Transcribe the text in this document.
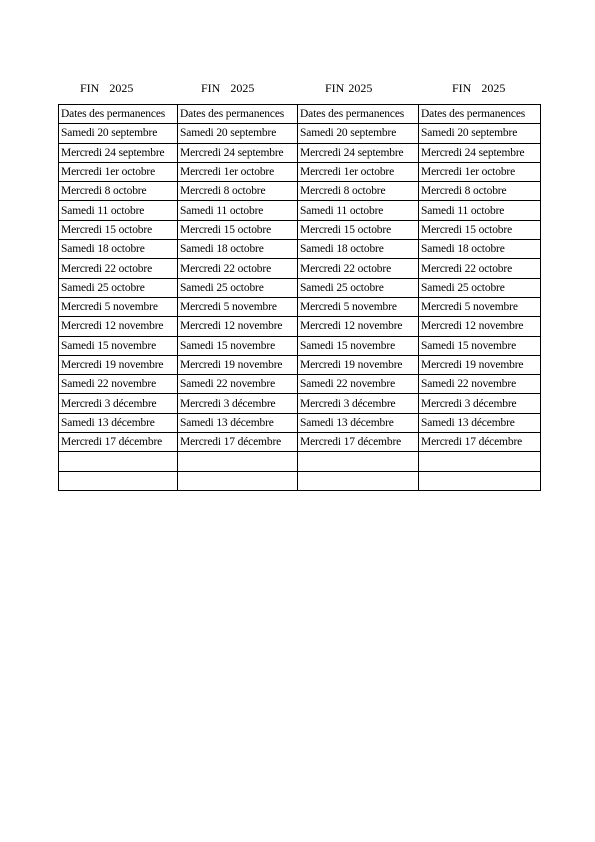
FIN 2025	FIN 2025	FIN 2025	FIN 2025
Dates des permanences	Dates des permanences	Dates des permanences	Dates des permanences
Samedi 20 septembre	Samedi 20 septembre	Samedi 20 septembre	Samedi 20 septembre
Mercredi 24 septembre	Mercredi 24 septembre	Mercredi 24 septembre	Mercredi 24 septembre
Mercredi 1er octobre	Mercredi 1er octobre	Mercredi 1er octobre	Mercredi 1er octobre
Mercredi 8 octobre	Mercredi 8 octobre	Mercredi 8 octobre	Mercredi 8 octobre
Samedi 11 octobre	Samedi 11 octobre	Samedi 11 octobre	Samedi 11 octobre
Mercredi 15 octobre	Mercredi 15 octobre	Mercredi 15 octobre	Mercredi 15 octobre
Samedi 18 octobre	Samedi 18 octobre	Samedi 18 octobre	Samedi 18 octobre
Mercredi 22 octobre	Mercredi 22 octobre	Mercredi 22 octobre	Mercredi 22 octobre
Samedi 25 octobre	Samedi 25 octobre	Samedi 25 octobre	Samedi 25 octobre
Mercredi 5 novembre	Mercredi 5 novembre	Mercredi 5 novembre	Mercredi 5 novembre
Mercredi 12 novembre	Mercredi 12 novembre	Mercredi 12 novembre	Mercredi 12 novembre
Samedi 15 novembre	Samedi 15 novembre	Samedi 15 novembre	Samedi 15 novembre
Mercredi 19 novembre	Mercredi 19 novembre	Mercredi 19 novembre	Mercredi 19 novembre
Samedi 22 novembre	Samedi 22 novembre	Samedi 22 novembre	Samedi 22 novembre
Mercredi 3 décembre	Mercredi 3 décembre	Mercredi 3 décembre	Mercredi 3 décembre
Samedi 13 décembre	Samedi 13 décembre	Samedi 13 décembre	Samedi 13 décembre
Mercredi 17 décembre	Mercredi 17 décembre	Mercredi 17 décembre	Mercredi 17 décembre
